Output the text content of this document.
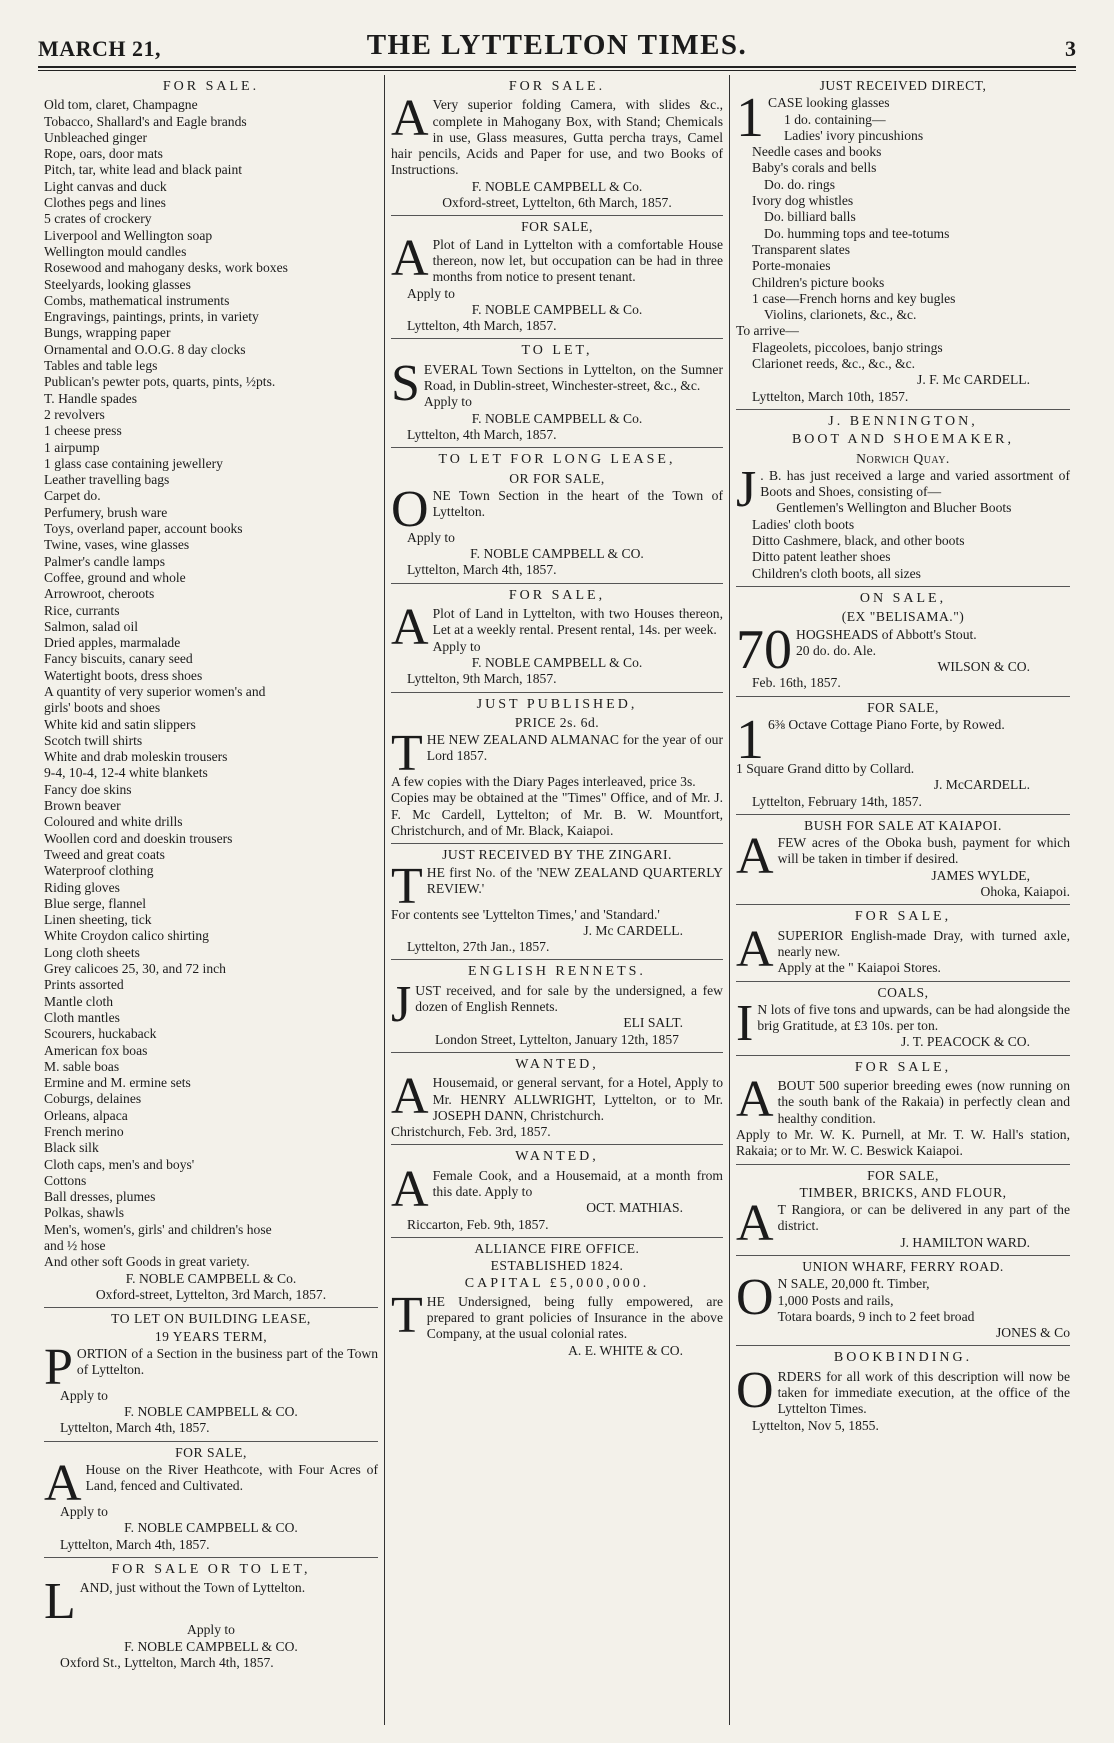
MARCH 21,	THE LYTTELTON TIMES.	3
FOR SALE.
Old tom, claret, Champagne
Tobacco, Shallard's and Eagle brands
Unbleached ginger
Rope, oars, door mats
Pitch, tar, white lead and black paint
Light canvas and duck
Clothes pegs and lines
5 crates of crockery
Liverpool and Wellington soap
Wellington mould candles
Rosewood and mahogany desks, work boxes
Steelyards, looking glasses
Combs, mathematical instruments
Engravings, paintings, prints, in variety
Bungs, wrapping paper
Ornamental and O.O.G. 8 day clocks
Tables and table legs
Publican's pewter pots, quarts, pints, ½pts.
T. Handle spades
2 revolvers
1 cheese press
1 airpump
1 glass case containing jewellery
Leather travelling bags
Carpet do.
Perfumery, brush ware
Toys, overland paper, account books
Twine, vases, wine glasses
Palmer's candle lamps
Coffee, ground and whole
Arrowroot, cheroots
Rice, currants
Salmon, salad oil
Dried apples, marmalade
Fancy biscuits, canary seed
Watertight boots, dress shoes
A quantity of very superior women's and
girls' boots and shoes
White kid and satin slippers
Scotch twill shirts
White and drab moleskin trousers
9-4, 10-4, 12-4 white blankets
Fancy doe skins
Brown beaver
Coloured and white drills
Woollen cord and doeskin trousers
Tweed and great coats
Waterproof clothing
Riding gloves
Blue serge, flannel
Linen sheeting, tick
White Croydon calico shirting
Long cloth sheets
Grey calicoes 25, 30, and 72 inch
Prints assorted
Mantle cloth
Cloth mantles
Scourers, huckaback
American fox boas
M. sable boas
Ermine and M. ermine sets
Coburgs, delaines
Orleans, alpaca
French merino
Black silk
Cloth caps, men's and boys'
Cottons
Ball dresses, plumes
Polkas, shawls
Men's, women's, girls' and children's hose
and ½ hose
And other soft Goods in great variety.

F. NOBLE CAMPBELL & Co.

Oxford-street, Lyttelton, 3rd March, 1857.

TO LET ON BUILDING LEASE,
19 YEARS TERM,

PORTION of a Section in the business part of the Town of Lyttelton.

Apply to

F. NOBLE CAMPBELL & CO.

Lyttelton, March 4th, 1857.

FOR SALE,

A House on the River Heathcote, with Four Acres of Land, fenced and Cultivated.

Apply to

F. NOBLE CAMPBELL & CO.

Lyttelton, March 4th, 1857.

FOR SALE OR TO LET,

LAND, just without the Town of Lyttelton.

Apply to

F. NOBLE CAMPBELL & CO.

Oxford St., Lyttelton, March 4th, 1857.

FOR SALE.

A Very superior folding Camera, with slides &c., complete in Mahogany Box, with Stand; Chemicals in use, Glass measures, Gutta percha trays, Camel hair pencils, Acids and Paper for use, and two Books of Instructions.

F. NOBLE CAMPBELL & Co.

Oxford-street, Lyttelton, 6th March, 1857.

FOR SALE,

A Plot of Land in Lyttelton with a comfortable House thereon, now let, but occupation can be had in three months from notice to present tenant.

Apply to

F. NOBLE CAMPBELL & Co.

Lyttelton, 4th March, 1857.

TO LET,

SEVERAL Town Sections in Lyttelton, on the Sumner Road, in Dublin-street, Winchester-street, &c., &c.

Apply to

F. NOBLE CAMPBELL & Co.

Lyttelton, 4th March, 1857.

TO LET FOR LONG LEASE,
OR FOR SALE,

ONE Town Section in the heart of the Town of Lyttelton.

Apply to

F. NOBLE CAMPBELL & CO.

Lyttelton, March 4th, 1857.

FOR SALE,

A Plot of Land in Lyttelton, with two Houses thereon, Let at a weekly rental. Present rental, 14s. per week.

Apply to

F. NOBLE CAMPBELL & Co.

Lyttelton, 9th March, 1857.

JUST PUBLISHED,
PRICE 2s. 6d.

THE NEW ZEALAND ALMANAC for the year of our Lord 1857.

A few copies with the Diary Pages interleaved, price 3s.

Copies may be obtained at the "Times" Office, and of Mr. J. F. Mc Cardell, Lyttelton; of Mr. B. W. Mountfort, Christchurch, and of Mr. Black, Kaiapoi.

JUST RECEIVED BY THE ZINGARI.

THE first No. of the 'NEW ZEALAND QUARTERLY REVIEW.'

For contents see 'Lyttelton Times,' and 'Standard.'

J. Mc CARDELL.

Lyttelton, 27th Jan., 1857.

ENGLISH RENNETS.

JUST received, and for sale by the undersigned, a few dozen of English Rennets.

ELI SALT.

London Street, Lyttelton, January 12th, 1857

WANTED,

A Housemaid, or general servant, for a Hotel, Apply to Mr. HENRY ALLWRIGHT, Lyttelton, or to Mr. JOSEPH DANN, Christchurch.

Christchurch, Feb. 3rd, 1857.

WANTED,

A Female Cook, and a Housemaid, at a month from this date. Apply to

OCT. MATHIAS.

Riccarton, Feb. 9th, 1857.

ALLIANCE FIRE OFFICE.
ESTABLISHED 1824.
CAPITAL £5,000,000.

THE Undersigned, being fully empowered, are prepared to grant policies of Insurance in the above Company, at the usual colonial rates.

A. E. WHITE & CO.

JUST RECEIVED DIRECT,

1 CASE looking glasses

1 do. containing—
Ladies' ivory pincushions
Needle cases and books
Baby's corals and bells
Do. do. rings
Ivory dog whistles
Do. billiard balls
Do. humming tops and tee-totums
Transparent slates
Porte-monaies
Children's picture books
1 case—French horns and key bugles
Violins, clarionets, &c., &c.
To arrive—
Flageolets, piccoloes, banjo strings
Clarionet reeds, &c., &c., &c.

J. F. Mc CARDELL.

Lyttelton, March 10th, 1857.

J. BENNINGTON,
BOOT AND SHOEMAKER,
Norwich Quay.

J . B. has just received a large and varied assortment of Boots and Shoes, consisting of—

Gentlemen's Wellington and Blucher Boots
Ladies' cloth boots
Ditto Cashmere, black, and other boots
Ditto patent leather shoes
Children's cloth boots, all sizes
ON SALE,
(EX "BELISAMA.")

70 HOGSHEADS of Abbott's Stout.
20 do. do. Ale.

WILSON & CO.

Feb. 16th, 1857.

FOR SALE,

1 6⅜ Octave Cottage Piano Forte, by Rowed.

1 Square Grand ditto by Collard.

J. McCARDELL.

Lyttelton, February 14th, 1857.

BUSH FOR SALE AT KAIAPOI.

AFEW acres of the Oboka bush, payment for which will be taken in timber if desired.

JAMES WYLDE,

Ohoka, Kaiapoi.

FOR SALE,

ASUPERIOR English-made Dray, with turned axle, nearly new.

Apply at the " Kaiapoi Stores.

COALS,

I N lots of five tons and upwards, can be had alongside the brig Gratitude, at £3 10s. per ton.

J. T. PEACOCK & CO.

FOR SALE,

ABOUT 500 superior breeding ewes (now running on the south bank of the Rakaia) in perfectly clean and healthy condition.

Apply to Mr. W. K. Purnell, at Mr. T. W. Hall's station, Rakaia; or to Mr. W. C. Beswick Kaiapoi.

FOR SALE,
TIMBER, BRICKS, AND FLOUR,

A T Rangiora, or can be delivered in any part of the district.

J. HAMILTON WARD.

UNION WHARF, FERRY ROAD.

O N SALE, 20,000 ft. Timber,
1,000 Posts and rails,
Totara boards, 9 inch to 2 feet broad

JONES & Co

BOOKBINDING.

ORDERS for all work of this description will now be taken for immediate execution, at the office of the Lyttelton Times.

Lyttelton, Nov 5, 1855.
